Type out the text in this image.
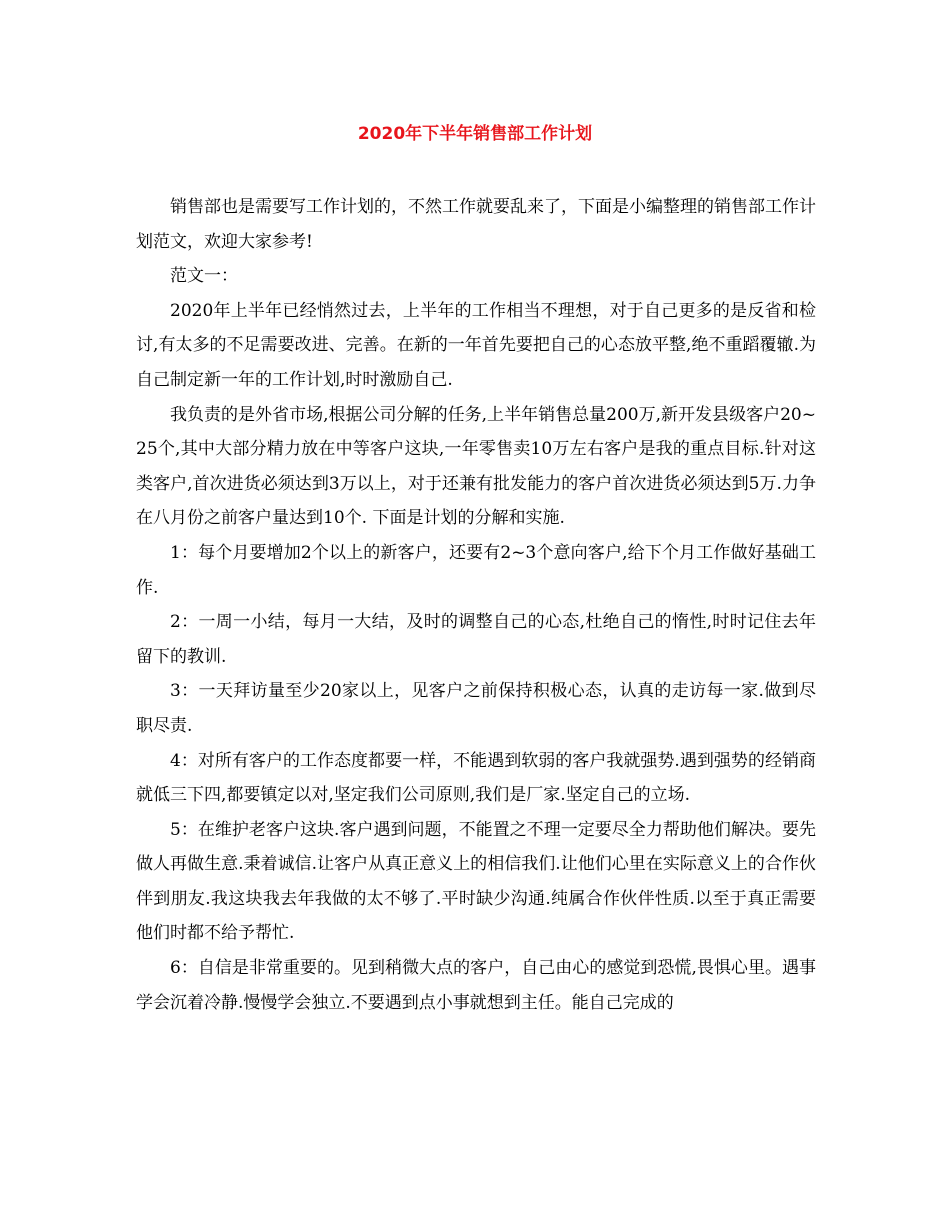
2020年下半年销售部工作计划

销售部也是需要写工作计划的，不然工作就要乱来了，下面是小编整理的销售部工作计划范文，欢迎大家参考!

范文一：

2020年上半年已经悄然过去，上半年的工作相当不理想，对于自己更多的是反省和检讨,有太多的不足需要改进、完善。在新的一年首先要把自己的心态放平整,绝不重蹈覆辙.为自己制定新一年的工作计划,时时激励自己.

我负责的是外省市场,根据公司分解的任务,上半年销售总量200万,新开发县级客户20~25个,其中大部分精力放在中等客户这块,一年零售卖10万左右客户是我的重点目标.针对这类客户,首次进货必须达到3万以上，对于还兼有批发能力的客户首次进货必须达到5万.力争在八月份之前客户量达到10个. 下面是计划的分解和实施.

1：每个月要增加2个以上的新客户，还要有2~3个意向客户,给下个月工作做好基础工作.

2：一周一小结，每月一大结，及时的调整自己的心态,杜绝自己的惰性,时时记住去年留下的教训.

3：一天拜访量至少20家以上，见客户之前保持积极心态，认真的走访每一家.做到尽职尽责.

4：对所有客户的工作态度都要一样，不能遇到软弱的客户我就强势.遇到强势的经销商就低三下四,都要镇定以对,坚定我们公司原则,我们是厂家.坚定自己的立场.

5：在维护老客户这块.客户遇到问题，不能置之不理一定要尽全力帮助他们解决。要先做人再做生意.秉着诚信.让客户从真正意义上的相信我们.让他们心里在实际意义上的合作伙伴到朋友.我这块我去年我做的太不够了.平时缺少沟通.纯属合作伙伴性质.以至于真正需要他们时都不给予帮忙.

6：自信是非常重要的。见到稍微大点的客户，自己由心的感觉到恐慌,畏惧心里。遇事学会沉着冷静.慢慢学会独立.不要遇到点小事就想到主任。能自己完成的
